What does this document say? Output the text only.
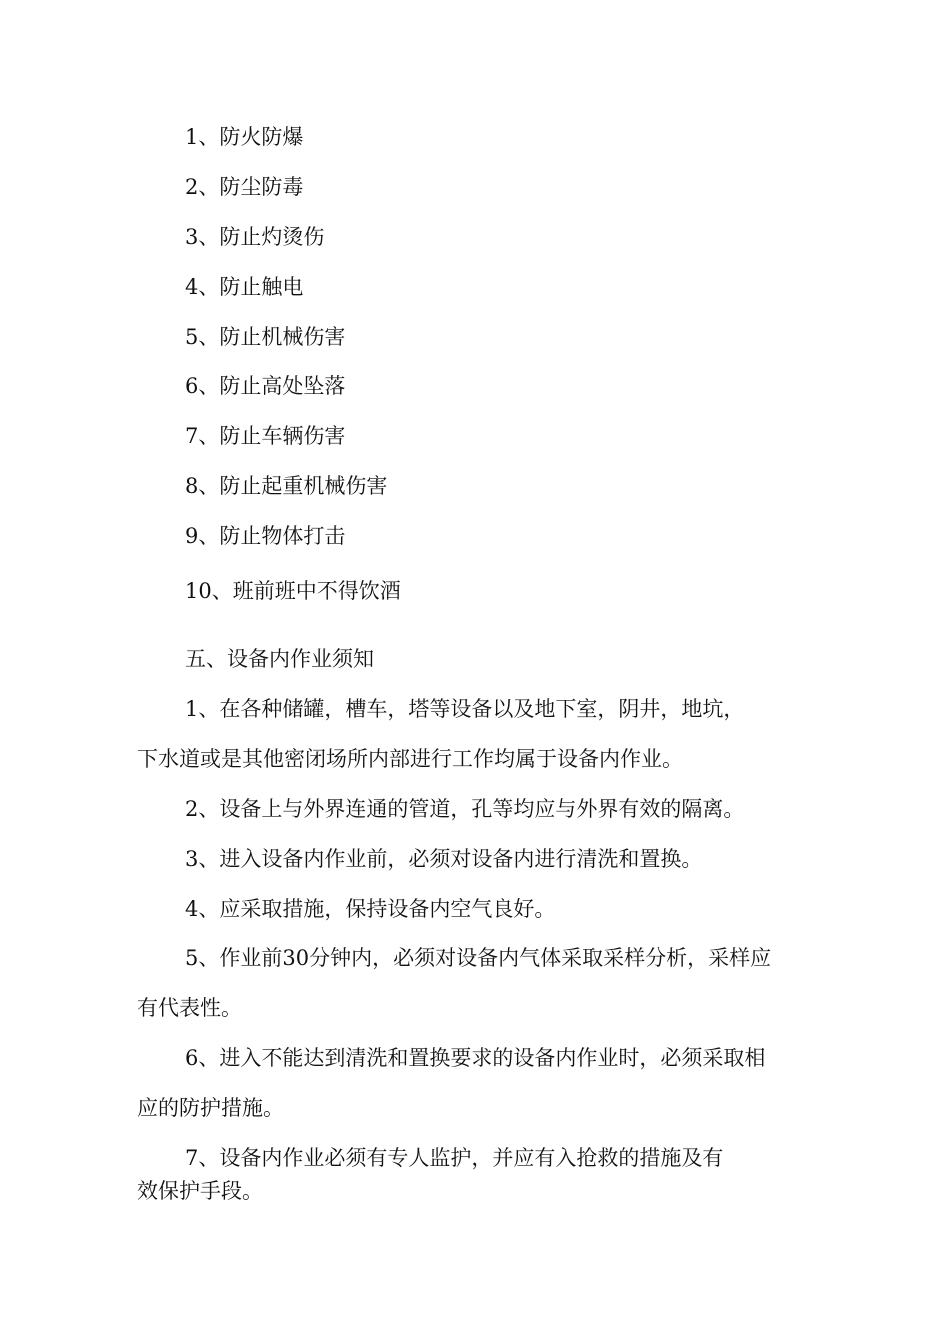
1、防火防爆
2、防尘防毒
3、防止灼烫伤
4、防止触电
5、防止机械伤害
6、防止高处坠落
7、防止车辆伤害
8、防止起重机械伤害
9、防止物体打击
10、班前班中不得饮酒
五、设备内作业须知
1、在各种储罐，槽车，塔等设备以及地下室，阴井，地坑，
下水道或是其他密闭场所内部进行工作均属于设备内作业。
2、设备上与外界连通的管道，孔等均应与外界有效的隔离。
3、进入设备内作业前，必须对设备内进行清洗和置换。
4、应采取措施，保持设备内空气良好。
5、作业前30分钟内，必须对设备内气体采取采样分析，采样应
有代表性。
6、进入不能达到清洗和置换要求的设备内作业时，必须采取相
应的防护措施。
7、设备内作业必须有专人监护，并应有入抢救的措施及有
效保护手段。
